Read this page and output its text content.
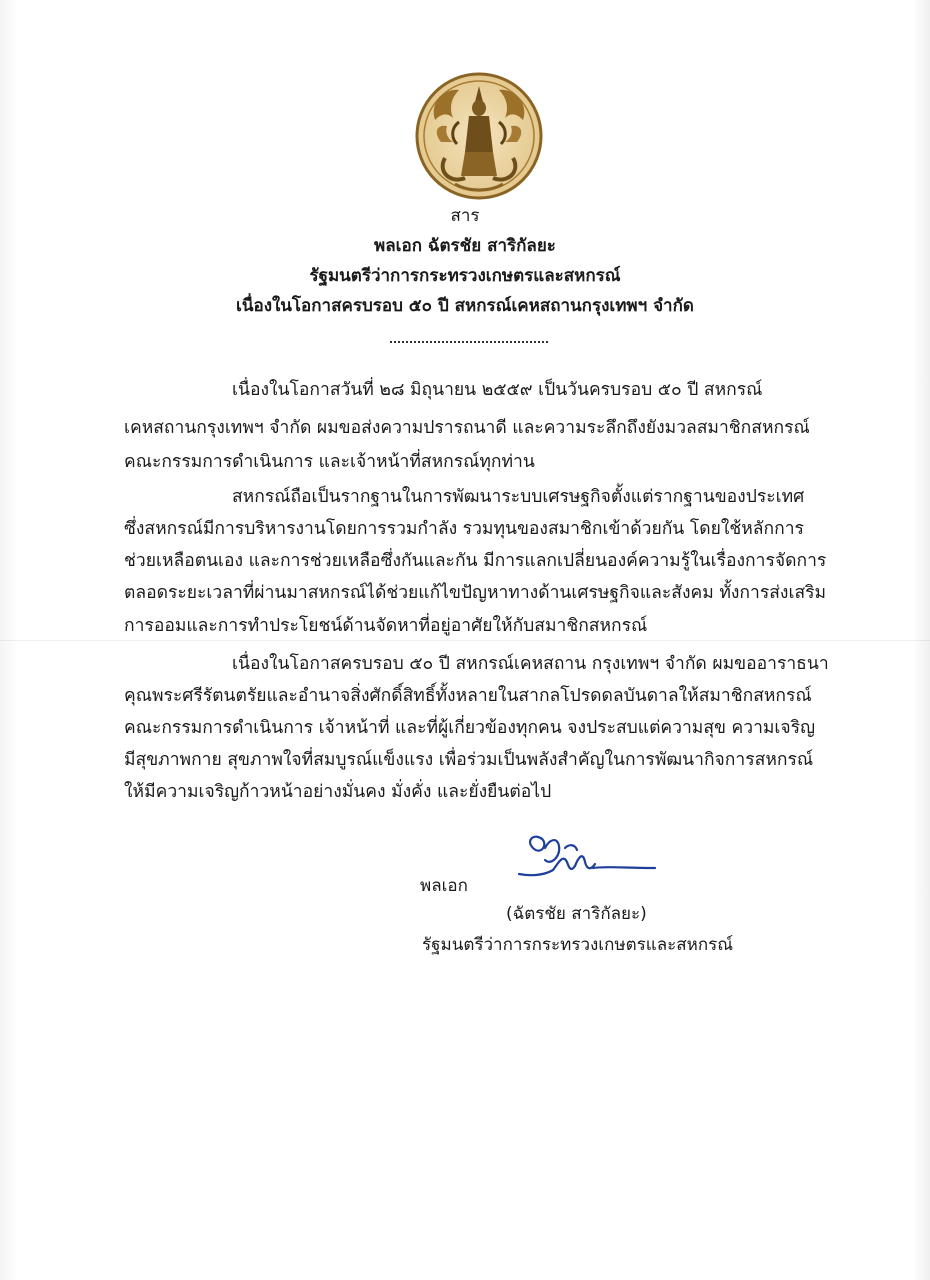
สาร
พลเอก ฉัตรชัย สาริกัลยะ
รัฐมนตรีว่าการกระทรวงเกษตรและสหกรณ์
เนื่องในโอกาสครบรอบ ๕๐ ปี สหกรณ์เคหสถานกรุงเทพฯ จำกัด
เนื่องในโอกาสวันที่ ๒๘ มิถุนายน ๒๕๕๙ เป็นวันครบรอบ ๕๐ ปี สหกรณ์
เคหสถานกรุงเทพฯ จำกัด ผมขอส่งความปรารถนาดี และความระลึกถึงยังมวลสมาชิกสหกรณ์
คณะกรรมการดำเนินการ และเจ้าหน้าที่สหกรณ์ทุกท่าน
สหกรณ์ถือเป็นรากฐานในการพัฒนาระบบเศรษฐกิจตั้งแต่รากฐานของประเทศ
ซึ่งสหกรณ์มีการบริหารงานโดยการรวมกำลัง รวมทุนของสมาชิกเข้าด้วยกัน โดยใช้หลักการ
ช่วยเหลือตนเอง และการช่วยเหลือซึ่งกันและกัน มีการแลกเปลี่ยนองค์ความรู้ในเรื่องการจัดการ
ตลอดระยะเวลาที่ผ่านมาสหกรณ์ได้ช่วยแก้ไขปัญหาทางด้านเศรษฐกิจและสังคม ทั้งการส่งเสริม
การออมและการทำประโยชน์ด้านจัดหาที่อยู่อาศัยให้กับสมาชิกสหกรณ์
เนื่องในโอกาสครบรอบ ๕๐ ปี สหกรณ์เคหสถาน กรุงเทพฯ จำกัด ผมขออาราธนา
คุณพระศรีรัตนตรัยและอำนาจสิ่งศักดิ์สิทธิ์ทั้งหลายในสากลโปรดดลบันดาลให้สมาชิกสหกรณ์
คณะกรรมการดำเนินการ เจ้าหน้าที่ และที่ผู้เกี่ยวข้องทุกคน จงประสบแต่ความสุข ความเจริญ
มีสุขภาพกาย สุขภาพใจที่สมบูรณ์แข็งแรง เพื่อร่วมเป็นพลังสำคัญในการพัฒนากิจการสหกรณ์
ให้มีความเจริญก้าวหน้าอย่างมั่นคง มั่งคั่ง และยั่งยืนต่อไป
พลเอก
(ฉัตรชัย สาริกัลยะ)
รัฐมนตรีว่าการกระทรวงเกษตรและสหกรณ์
